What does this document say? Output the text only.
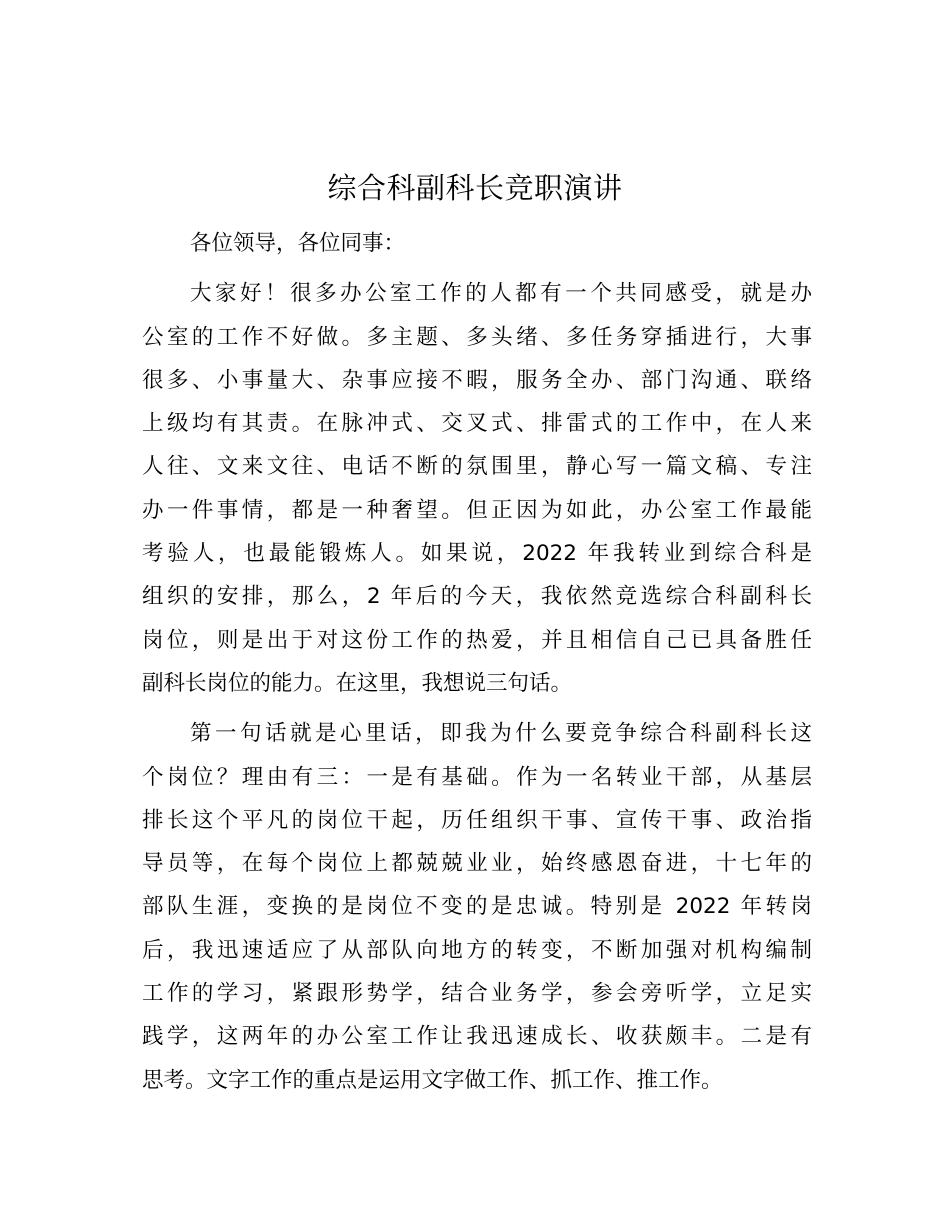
综合科副科长竞职演讲

各位领导，各位同事：

大家好！很多办公室工作的人都有一个共同感受，就是办
公室的工作不好做。多主题、多头绪、多任务穿插进行，大事
很多、小事量大、杂事应接不暇，服务全办、部门沟通、联络
上级均有其责。在脉冲式、交叉式、排雷式的工作中，在人来
人往、文来文往、电话不断的氛围里，静心写一篇文稿、专注
办一件事情，都是一种奢望。但正因为如此，办公室工作最能
考验人，也最能锻炼人。如果说，2022 年我转业到综合科是
组织的安排，那么，2 年后的今天，我依然竞选综合科副科长
岗位，则是出于对这份工作的热爱，并且相信自己已具备胜任
副科长岗位的能力。在这里，我想说三句话。

第一句话就是心里话，即我为什么要竞争综合科副科长这
个岗位？理由有三：一是有基础。作为一名转业干部，从基层
排长这个平凡的岗位干起，历任组织干事、宣传干事、政治指
导员等，在每个岗位上都兢兢业业，始终感恩奋进，十七年的
部队生涯，变换的是岗位不变的是忠诚。特别是 2022 年转岗
后，我迅速适应了从部队向地方的转变，不断加强对机构编制
工作的学习，紧跟形势学，结合业务学，参会旁听学，立足实
践学，这两年的办公室工作让我迅速成长、收获颇丰。二是有
思考。文字工作的重点是运用文字做工作、抓工作、推工作。
